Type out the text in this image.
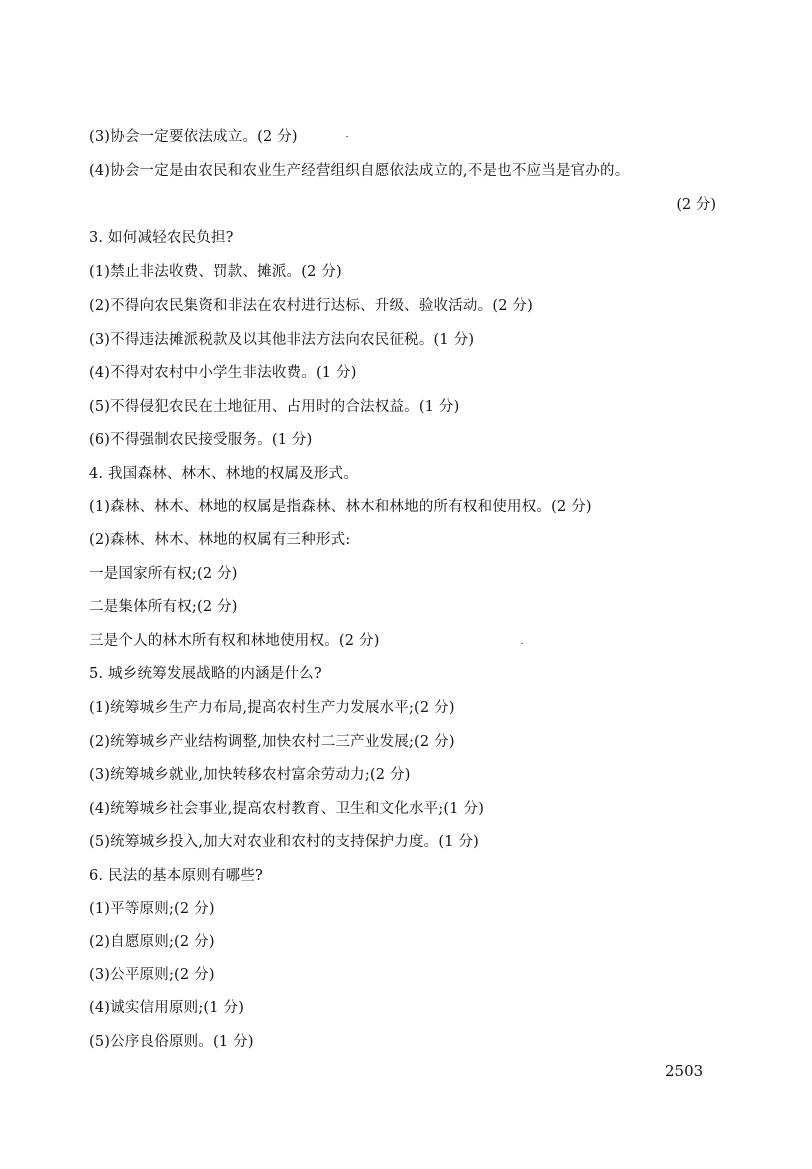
(3)协会一定要依法成立。(2 分)
(4)协会一定是由农民和农业生产经营组织自愿依法成立的,不是也不应当是官办的。
(2 分)
3. 如何减轻农民负担?
(1)禁止非法收费、罚款、摊派。(2 分)
(2)不得向农民集资和非法在农村进行达标、升级、验收活动。(2 分)
(3)不得违法摊派税款及以其他非法方法向农民征税。(1 分)
(4)不得对农村中小学生非法收费。(1 分)
(5)不得侵犯农民在土地征用、占用时的合法权益。(1 分)
(6)不得强制农民接受服务。(1 分)
4. 我国森林、林木、林地的权属及形式。
(1)森林、林木、林地的权属是指森林、林木和林地的所有权和使用权。(2 分)
(2)森林、林木、林地的权属有三种形式:
一是国家所有权;(2 分)
二是集体所有权;(2 分)
三是个人的林木所有权和林地使用权。(2 分)
5. 城乡统筹发展战略的内涵是什么?
(1)统筹城乡生产力布局,提高农村生产力发展水平;(2 分)
(2)统筹城乡产业结构调整,加快农村二三产业发展;(2 分)
(3)统筹城乡就业,加快转移农村富余劳动力;(2 分)
(4)统筹城乡社会事业,提高农村教育、卫生和文化水平;(1 分)
(5)统筹城乡投入,加大对农业和农村的支持保护力度。(1 分)
6. 民法的基本原则有哪些?
(1)平等原则;(2 分)
(2)自愿原则;(2 分)
(3)公平原则;(2 分)
(4)诚实信用原则;(1 分)
(5)公序良俗原则。(1 分)
2503
